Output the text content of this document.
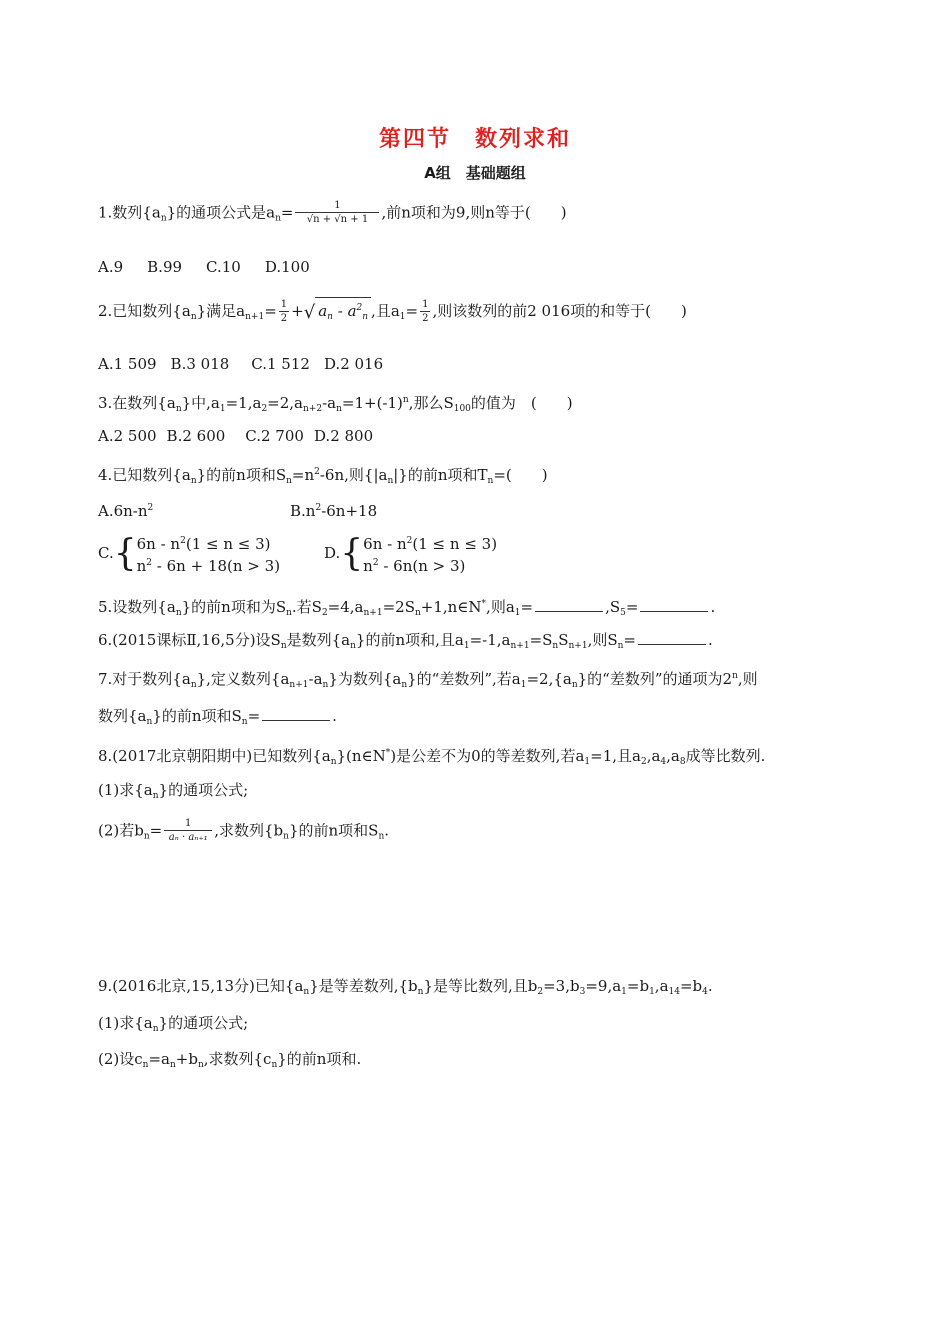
第四节　数列求和
A组　基础题组
1.数列$\{a_n\}$的通项公式是$a_n= \frac{1}{√n + √n + 1}$ ,前n项和为9,则n等于(　　)
A.9 B.99 C.10 D.100
2.已知数列$\{a_n\}$满足$a_{n+1}= \frac{1}{2}$ +√ $a_n - a^2_n$ ,且$a_1= \frac{1}{2}$ ,则该数列的前2 016项的和等于(　　)
A.1 509 B.3 018 C.1 512 D.2 016
3.在数列$\{a_n\}$中$,a_1=1,a_2=2,a_{n+2}-a_n=1+(-1)^n$,那么$S_{100}$的值为　(　　)
A.2 500 B.2 600 C.2 700 D.2 800
4.已知数列$\{a_n\}$的前n项和$S_n=n^2-6n$,则$\{|a_n|\}$的前n项和$T_n=$(　　)
$A.6n-n^2$	$B.n^2-6n+18$
C.{ $6n - n^2(1 \le n \le 3)$
$n^2 - 6n + 18(n > 3)$
D.{ $6n - n^2(1 \le n \le 3)$
$n^2 - 6n(n > 3)$
5.设数列$\{a_n\}$的前n项和为$S_n$.若$S_2=4,a_{n+1}=2S_n+1,n\in N^*$,则$a_1=$	$,S_5=$	.
6.(2015课标Ⅱ,16,5分)设$S_n$是数列$\{a_n\}$的前n项和,且$a_1=-1,a_{n+1}=S_nS_{n+1}$,则$S_n=$	.
7.对于数列$\{a_n\}$,定义数列$\{a_{n+1}-a_n\}$为数列$\{a_n\}$的“差数列”,若$a_1=2,\{a_n\}$的“差数列”的通项为2$^n$,则
数列$\{a_n\}$的前n项和$S_n=$	.
8.(2017北京朝阳期中)已知数列$\{a_n\}(n\in N^*)$是公差不为0的等差数列,若$a_1=1$,且$a_2,a_4,a_8$成等比数列.
(1)求$\{a_n\}$的通项公式;
(2)若$b_n= \frac{1}{\text{aₙ · aₙ₊₁}}$ ,求数列$\{b_n\}$的前n项和$S_n$.
9.(2016北京,15,13分)已知$\{a_n\}$是等差数列$,\{b_n\}$是等比数列,且$b_2=3,b_3=9,a_1=b_1,a_{14}=b_4$.
(1)求$\{a_n\}$的通项公式;
(2)设$c_n=a_n+b_n$,求数列$\{c_n\}$的前n项和.
